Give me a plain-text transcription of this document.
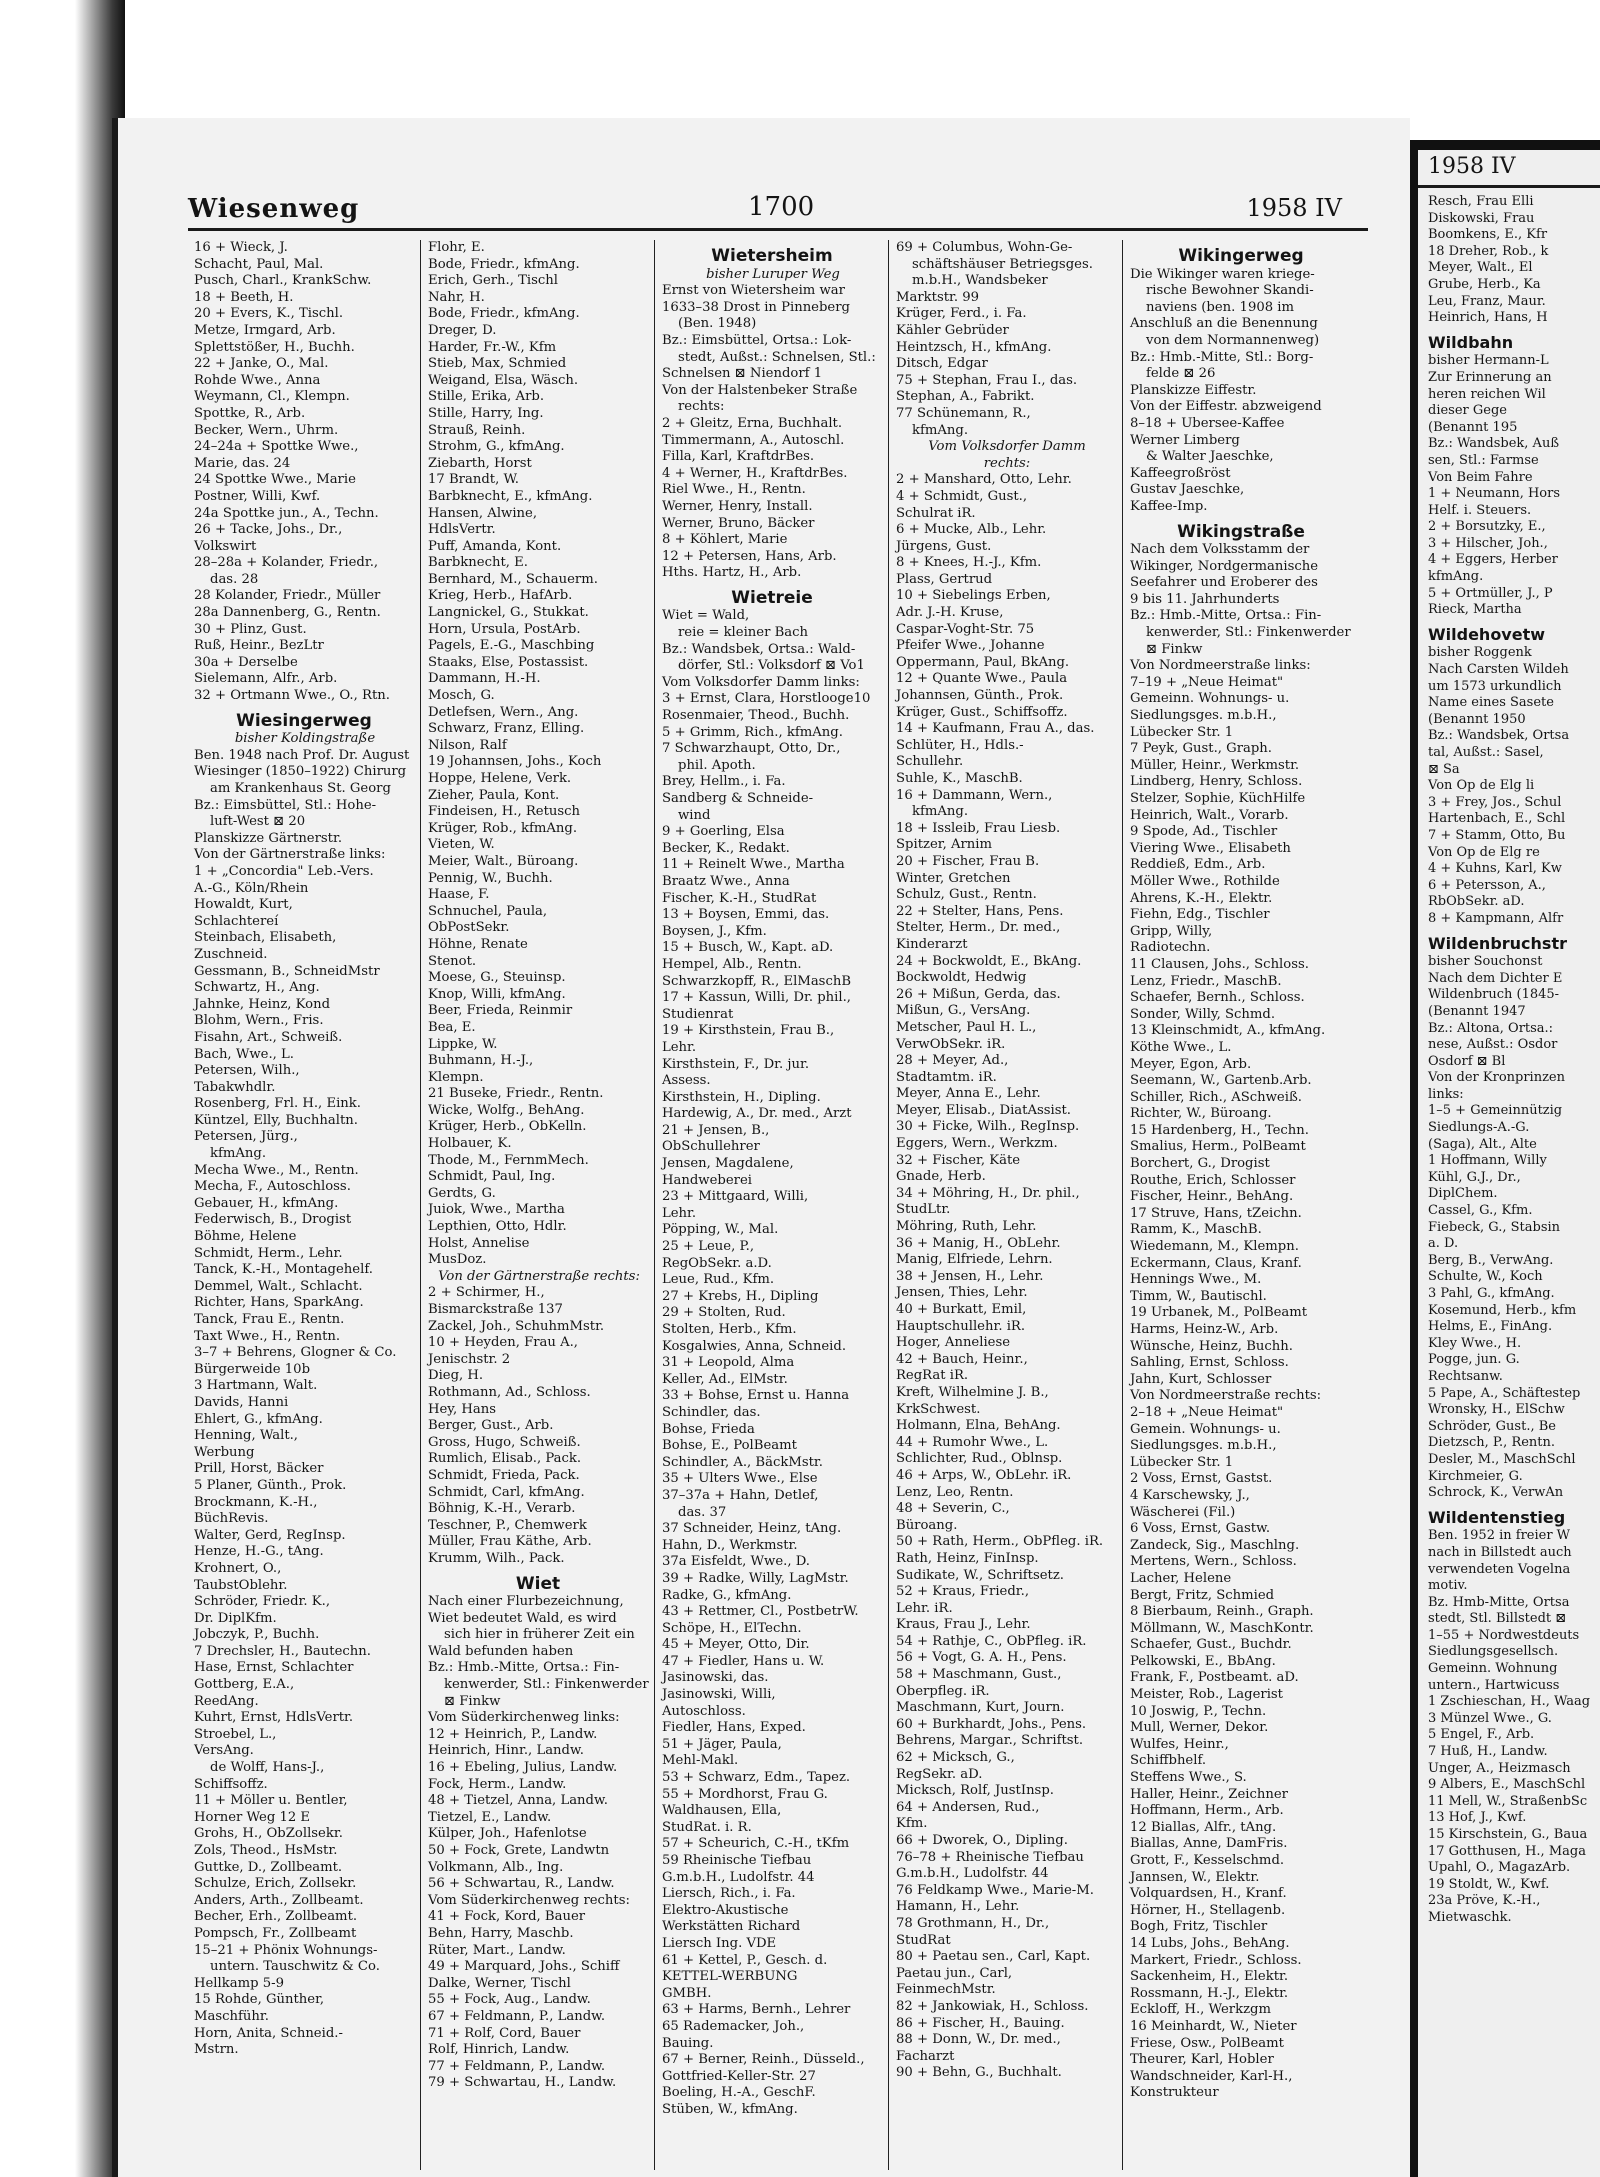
Wiesenweg	1700	1958 IV

16 + Wieck, J.

Schacht, Paul, Mal.

Pusch, Charl., KrankSchw.

18 + Beeth, H.

20 + Evers, K., Tischl.

Metze, Irmgard, Arb.

Splettstößer, H., Buchh.

22 + Janke, O., Mal.

Rohde Wwe., Anna

Weymann, Cl., Klempn.

Spottke, R., Arb.

Becker, Wern., Uhrm.

24–24a + Spottke Wwe.,

Marie, das. 24

24 Spottke Wwe., Marie

Postner, Willi, Kwf.

24a Spottke jun., A., Techn.

26 + Tacke, Johs., Dr.,

Volkswirt

28–28a + Kolander, Friedr.,

das. 28

28 Kolander, Friedr., Müller

28a Dannenberg, G., Rentn.

30 + Plinz, Gust.

Ruß, Heinr., BezLtr

30a + Derselbe

Sielemann, Alfr., Arb.

32 + Ortmann Wwe., O., Rtn.

Wiesingerweg

bisher Koldingstraße

Ben. 1948 nach Prof. Dr. August

Wiesinger (1850–1922) Chirurg

am Krankenhaus St. Georg

Bz.: Eimsbüttel, Stl.: Hohe-

luft-West ⊠ 20

Planskizze Gärtnerstr.

Von der Gärtnerstraße links:

1 + „Concordia" Leb.-Vers.

A.-G., Köln/Rhein

Howaldt, Kurt,

Schlachtereí

Steinbach, Elisabeth,

Zuschneid.

Gessmann, B., SchneidMstr

Schwartz, H., Ang.

Jahnke, Heinz, Kond

Blohm, Wern., Fris.

Fisahn, Art., Schweiß.

Bach, Wwe., L.

Petersen, Wilh.,

Tabakwhdlr.

Rosenberg, Frl. H., Eink.

Küntzel, Elly, Buchhaltn.

Petersen, Jürg.,

kfmAng.

Mecha Wwe., M., Rentn.

Mecha, F., Autoschloss.

Gebauer, H., kfmAng.

Federwisch, B., Drogist

Böhme, Helene

Schmidt, Herm., Lehr.

Tanck, K.-H., Montagehelf.

Demmel, Walt., Schlacht.

Richter, Hans, SparkAng.

Tanck, Frau E., Rentn.

Taxt Wwe., H., Rentn.

3–7 + Behrens, Glogner & Co.

Bürgerweide 10b

3 Hartmann, Walt.

Davids, Hanni

Ehlert, G., kfmAng.

Henning, Walt.,

Werbung

Prill, Horst, Bäcker

5 Planer, Günth., Prok.

Brockmann, K.-H.,

BüchRevis.

Walter, Gerd, RegInsp.

Henze, H.-G., tAng.

Krohnert, O.,

TaubstOblehr.

Schröder, Friedr. K.,

Dr. DiplKfm.

Jobczyk, P., Buchh.

7 Drechsler, H., Bautechn.

Hase, Ernst, Schlachter

Gottberg, E.A.,

ReedAng.

Kuhrt, Ernst, HdlsVertr.

Stroebel, L.,

VersAng.

de Wolff, Hans-J.,

Schiffsoffz.

11 + Möller u. Bentler,

Horner Weg 12 E

Grohs, H., ObZollsekr.

Zols, Theod., HsMstr.

Guttke, D., Zollbeamt.

Schulze, Erich, Zollsekr.

Anders, Arth., Zollbeamt.

Becher, Erh., Zollbeamt.

Pompsch, Fr., Zollbeamt

15–21 + Phönix Wohnungs-

untern. Tauschwitz & Co.

Hellkamp 5-9

15 Rohde, Günther,

Maschführ.

Horn, Anita, Schneid.-

Mstrn.

Flohr, E.

Bode, Friedr., kfmAng.

Erich, Gerh., Tischl

Nahr, H.

Bode, Friedr., kfmAng.

Dreger, D.

Harder, Fr.-W., Kfm

Stieb, Max, Schmied

Weigand, Elsa, Wäsch.

Stille, Erika, Arb.

Stille, Harry, Ing.

Strauß, Reinh.

Strohm, G., kfmAng.

Ziebarth, Horst

17 Brandt, W.

Barbknecht, E., kfmAng.

Hansen, Alwine,

HdlsVertr.

Puff, Amanda, Kont.

Barbknecht, E.

Bernhard, M., Schauerm.

Krieg, Herb., HafArb.

Langnickel, G., Stukkat.

Horn, Ursula, PostArb.

Pagels, E.-G., Maschbing

Staaks, Else, Postassist.

Dammann, H.-H.

Mosch, G.

Detlefsen, Wern., Ang.

Schwarz, Franz, Elling.

Nilson, Ralf

19 Johannsen, Johs., Koch

Hoppe, Helene, Verk.

Zieher, Paula, Kont.

Findeisen, H., Retusch

Krüger, Rob., kfmAng.

Vieten, W.

Meier, Walt., Büroang.

Pennig, W., Buchh.

Haase, F.

Schnuchel, Paula,

ObPostSekr.

Höhne, Renate

Stenot.

Moese, G., Steuinsp.

Knop, Willi, kfmAng.

Beer, Frieda, Reinmir

Bea, E.

Lippke, W.

Buhmann, H.-J.,

Klempn.

21 Buseke, Friedr., Rentn.

Wicke, Wolfg., BehAng.

Krüger, Herb., ObKelln.

Holbauer, K.

Thode, M., FernmMech.

Schmidt, Paul, Ing.

Gerdts, G.

Juiok, Wwe., Martha

Lepthien, Otto, Hdlr.

Holst, Annelise

MusDoz.

Von der Gärtnerstraße rechts:

2 + Schirmer, H.,

Bismarckstraße 137

Zackel, Joh., SchuhmMstr.

10 + Heyden, Frau A.,

Jenischstr. 2

Dieg, H.

Rothmann, Ad., Schloss.

Hey, Hans

Berger, Gust., Arb.

Gross, Hugo, Schweiß.

Rumlich, Elisab., Pack.

Schmidt, Frieda, Pack.

Schmidt, Carl, kfmAng.

Böhnig, K.-H., Verarb.

Teschner, P., Chemwerk

Müller, Frau Käthe, Arb.

Krumm, Wilh., Pack.

Wiet

Nach einer Flurbezeichnung,

Wiet bedeutet Wald, es wird

sich hier in früherer Zeit ein

Wald befunden haben

Bz.: Hmb.-Mitte, Ortsa.: Fin-

kenwerder, Stl.: Finkenwerder

⊠ Finkw

Vom Süderkirchenweg links:

12 + Heinrich, P., Landw.

Heinrich, Hinr., Landw.

16 + Ebeling, Julius, Landw.

Fock, Herm., Landw.

48 + Tietzel, Anna, Landw.

Tietzel, E., Landw.

Külper, Joh., Hafenlotse

50 + Fock, Grete, Landwtn

Volkmann, Alb., Ing.

56 + Schwartau, R., Landw.

Vom Süderkirchenweg rechts:

41 + Fock, Kord, Bauer

Behn, Harry, Maschb.

Rüter, Mart., Landw.

49 + Marquard, Johs., Schiff

Dalke, Werner, Tischl

55 + Fock, Aug., Landw.

67 + Feldmann, P., Landw.

71 + Rolf, Cord, Bauer

Rolf, Hinrich, Landw.

77 + Feldmann, P., Landw.

79 + Schwartau, H., Landw.

Wietersheim

bisher Luruper Weg

Ernst von Wietersheim war

1633–38 Drost in Pinneberg

(Ben. 1948)

Bz.: Eimsbüttel, Ortsa.: Lok-

stedt, Außst.: Schnelsen, Stl.:

Schnelsen ⊠ Niendorf 1

Von der Halstenbeker Straße

rechts:

2 + Gleitz, Erna, Buchhalt.

Timmermann, A., Autoschl.

Filla, Karl, KraftdrBes.

4 + Werner, H., KraftdrBes.

Riel Wwe., H., Rentn.

Werner, Henry, Install.

Werner, Bruno, Bäcker

8 + Köhlert, Marie

12 + Petersen, Hans, Arb.

Hths. Hartz, H., Arb.

Wietreie

Wiet = Wald,

reie = kleiner Bach

Bz.: Wandsbek, Ortsa.: Wald-

dörfer, Stl.: Volksdorf ⊠ Vo1

Vom Volksdorfer Damm links:

3 + Ernst, Clara, Horstlooge10

Rosenmaier, Theod., Buchh.

5 + Grimm, Rich., kfmAng.

7 Schwarzhaupt, Otto, Dr.,

phil. Apoth.

Brey, Hellm., i. Fa.

Sandberg & Schneide-

wind

9 + Goerling, Elsa

Becker, K., Redakt.

11 + Reinelt Wwe., Martha

Braatz Wwe., Anna

Fischer, K.-H., StudRat

13 + Boysen, Emmi, das.

Boysen, J., Kfm.

15 + Busch, W., Kapt. aD.

Hempel, Alb., Rentn.

Schwarzkopff, R., ElMaschB

17 + Kassun, Willi, Dr. phil.,

Studienrat

19 + Kirsthstein, Frau B.,

Lehr.

Kirsthstein, F., Dr. jur.

Assess.

Kirsthstein, H., Dipling.

Hardewig, A., Dr. med., Arzt

21 + Jensen, B.,

ObSchullehrer

Jensen, Magdalene,

Handweberei

23 + Mittgaard, Willi,

Lehr.

Pöpping, W., Mal.

25 + Leue, P.,

RegObSekr. a.D.

Leue, Rud., Kfm.

27 + Krebs, H., Dipling

29 + Stolten, Rud.

Stolten, Herb., Kfm.

Kosgalwies, Anna, Schneid.

31 + Leopold, Alma

Keller, Ad., ElMstr.

33 + Bohse, Ernst u. Hanna

Schindler, das.

Bohse, Frieda

Bohse, E., PolBeamt

Schindler, A., BäckMstr.

35 + Ulters Wwe., Else

37–37a + Hahn, Detlef,

das. 37

37 Schneider, Heinz, tAng.

Hahn, D., Werkmstr.

37a Eisfeldt, Wwe., D.

39 + Radke, Willy, LagMstr.

Radke, G., kfmAng.

43 + Rettmer, Cl., PostbetrW.

Schöpe, H., ElTechn.

45 + Meyer, Otto, Dir.

47 + Fiedler, Hans u. W.

Jasinowski, das.

Jasinowski, Willi,

Autoschloss.

Fiedler, Hans, Exped.

51 + Jäger, Paula,

Mehl-Makl.

53 + Schwarz, Edm., Tapez.

55 + Mordhorst, Frau G.

Waldhausen, Ella,

StudRat. i. R.

57 + Scheurich, C.-H., tKfm

59 Rheinische Tiefbau

G.m.b.H., Ludolfstr. 44

Liersch, Rich., i. Fa.

Elektro-Akustische

Werkstätten Richard

Liersch Ing. VDE

61 + Kettel, P., Gesch. d.

KETTEL-WERBUNG

GMBH.

63 + Harms, Bernh., Lehrer

65 Rademacker, Joh.,

Bauing.

67 + Berner, Reinh., Düsseld.,

Gottfried-Keller-Str. 27

Boeling, H.-A., GeschF.

Stüben, W., kfmAng.

69 + Columbus, Wohn-Ge-

schäftshäuser Betriegsges.

m.b.H., Wandsbeker

Marktstr. 99

Krüger, Ferd., i. Fa.

Kähler Gebrüder

Heintzsch, H., kfmAng.

Ditsch, Edgar

75 + Stephan, Frau I., das.

Stephan, A., Fabrikt.

77 Schünemann, R.,

kfmAng.

Vom Volksdorfer Damm

rechts:

2 + Manshard, Otto, Lehr.

4 + Schmidt, Gust.,

Schulrat iR.

6 + Mucke, Alb., Lehr.

Jürgens, Gust.

8 + Knees, H.-J., Kfm.

Plass, Gertrud

10 + Siebelings Erben,

Adr. J.-H. Kruse,

Caspar-Voght-Str. 75

Pfeifer Wwe., Johanne

Oppermann, Paul, BkAng.

12 + Quante Wwe., Paula

Johannsen, Günth., Prok.

Krüger, Gust., Schiffsoffz.

14 + Kaufmann, Frau A., das.

Schlüter, H., Hdls.-

Schullehr.

Suhle, K., MaschB.

16 + Dammann, Wern.,

kfmAng.

18 + Issleib, Frau Liesb.

Spitzer, Arnim

20 + Fischer, Frau B.

Winter, Gretchen

Schulz, Gust., Rentn.

22 + Stelter, Hans, Pens.

Stelter, Herm., Dr. med.,

Kinderarzt

24 + Bockwoldt, E., BkAng.

Bockwoldt, Hedwig

26 + Mißun, Gerda, das.

Mißun, G., VersAng.

Metscher, Paul H. L.,

VerwObSekr. iR.

28 + Meyer, Ad.,

Stadtamtm. iR.

Meyer, Anna E., Lehr.

Meyer, Elisab., DiatAssist.

30 + Ficke, Wilh., RegInsp.

Eggers, Wern., Werkzm.

32 + Fischer, Käte

Gnade, Herb.

34 + Möhring, H., Dr. phil.,

StudLtr.

Möhring, Ruth, Lehr.

36 + Manig, H., ObLehr.

Manig, Elfriede, Lehrn.

38 + Jensen, H., Lehr.

Jensen, Thies, Lehr.

40 + Burkatt, Emil,

Hauptschullehr. iR.

Hoger, Anneliese

42 + Bauch, Heinr.,

RegRat iR.

Kreft, Wilhelmine J. B.,

KrkSchwest.

Holmann, Elna, BehAng.

44 + Rumohr Wwe., L.

Schlichter, Rud., Oblnsp.

46 + Arps, W., ObLehr. iR.

Lenz, Leo, Rentn.

48 + Severin, C.,

Büroang.

50 + Rath, Herm., ObPfleg. iR.

Rath, Heinz, FinInsp.

Sudikate, W., Schriftsetz.

52 + Kraus, Friedr.,

Lehr. iR.

Kraus, Frau J., Lehr.

54 + Rathje, C., ObPfleg. iR.

56 + Vogt, G. A. H., Pens.

58 + Maschmann, Gust.,

Oberpfleg. iR.

Maschmann, Kurt, Journ.

60 + Burkhardt, Johs., Pens.

Behrens, Margar., Schriftst.

62 + Micksch, G.,

RegSekr. aD.

Micksch, Rolf, JustInsp.

64 + Andersen, Rud.,

Kfm.

66 + Dworek, O., Dipling.

76–78 + Rheinische Tiefbau

G.m.b.H., Ludolfstr. 44

76 Feldkamp Wwe., Marie-M.

Hamann, H., Lehr.

78 Grothmann, H., Dr.,

StudRat

80 + Paetau sen., Carl, Kapt.

Paetau jun., Carl,

FeinmechMstr.

82 + Jankowiak, H., Schloss.

86 + Fischer, H., Bauing.

88 + Donn, W., Dr. med.,

Facharzt

90 + Behn, G., Buchhalt.

Wikingerweg

Die Wikinger waren kriege-

rische Bewohner Skandi-

naviens (ben. 1908 im

Anschluß an die Benennung

von dem Normannenweg)

Bz.: Hmb.-Mitte, Stl.: Borg-

felde ⊠ 26

Planskizze Eiffestr.

Von der Eiffestr. abzweigend

8–18 + Ubersee-Kaffee

Werner Limberg

& Walter Jaeschke,

Kaffeegroßröst

Gustav Jaeschke,

Kaffee-Imp.

Wikingstraße

Nach dem Volksstamm der

Wikinger, Nordgermanische

Seefahrer und Eroberer des

9 bis 11. Jahrhunderts

Bz.: Hmb.-Mitte, Ortsa.: Fin-

kenwerder, Stl.: Finkenwerder

⊠ Finkw

Von Nordmeerstraße links:

7–19 + „Neue Heimat"

Gemeinn. Wohnungs- u.

Siedlungsges. m.b.H.,

Lübecker Str. 1

7 Peyk, Gust., Graph.

Müller, Heinr., Werkmstr.

Lindberg, Henry, Schloss.

Stelzer, Sophie, KüchHilfe

Heinrich, Walt., Vorarb.

9 Spode, Ad., Tischler

Viering Wwe., Elisabeth

Reddieß, Edm., Arb.

Möller Wwe., Rothilde

Ahrens, K.-H., Elektr.

Fiehn, Edg., Tischler

Gripp, Willy,

Radiotechn.

11 Clausen, Johs., Schloss.

Lenz, Friedr., MaschB.

Schaefer, Bernh., Schloss.

Sonder, Willy, Schmd.

13 Kleinschmidt, A., kfmAng.

Köthe Wwe., L.

Meyer, Egon, Arb.

Seemann, W., Gartenb.Arb.

Schiller, Rich., ASchweiß.

Richter, W., Büroang.

15 Hardenberg, H., Techn.

Smalius, Herm., PolBeamt

Borchert, G., Drogist

Routhe, Erich, Schlosser

Fischer, Heinr., BehAng.

17 Struve, Hans, tZeichn.

Ramm, K., MaschB.

Wiedemann, M., Klempn.

Eckermann, Claus, Kranf.

Hennings Wwe., M.

Timm, W., Bautischl.

19 Urbanek, M., PolBeamt

Harms, Heinz-W., Arb.

Wünsche, Heinz, Buchh.

Sahling, Ernst, Schloss.

Jahn, Kurt, Schlosser

Von Nordmeerstraße rechts:

2–18 + „Neue Heimat"

Gemein. Wohnungs- u.

Siedlungsges. m.b.H.,

Lübecker Str. 1

2 Voss, Ernst, Gastst.

4 Karschewsky, J.,

Wäscherei (Fil.)

6 Voss, Ernst, Gastw.

Zandeck, Sig., Maschlng.

Mertens, Wern., Schloss.

Lacher, Helene

Bergt, Fritz, Schmied

8 Bierbaum, Reinh., Graph.

Möllmann, W., MaschKontr.

Schaefer, Gust., Buchdr.

Pelkowski, E., BbAng.

Frank, F., Postbeamt. aD.

Meister, Rob., Lagerist

10 Joswig, P., Techn.

Mull, Werner, Dekor.

Wulfes, Heinr.,

Schiffbhelf.

Steffens Wwe., S.

Haller, Heinr., Zeichner

Hoffmann, Herm., Arb.

12 Biallas, Alfr., tAng.

Biallas, Anne, DamFris.

Grott, F., Kesselschmd.

Jannsen, W., Elektr.

Volquardsen, H., Kranf.

Hörner, H., Stellagenb.

Bogh, Fritz, Tischler

14 Lubs, Johs., BehAng.

Markert, Friedr., Schloss.

Sackenheim, H., Elektr.

Rossmann, H.-J., Elektr.

Eckloff, H., Werkzgm

16 Meinhardt, W., Nieter

Friese, Osw., PolBeamt

Theurer, Karl, Hobler

Wandschneider, Karl-H.,

Konstrukteur

1958 IV
Resch, Frau Elli
Diskowski, Frau
Boomkens, E., Kfr
18 Dreher, Rob., k
Meyer, Walt., El
Grube, Herb., Ka
Leu, Franz, Maur.
Heinrich, Hans, H
Wildbahn
bisher Hermann-L
Zur Erinnerung an
heren reichen Wil
dieser Gege
(Benannt 195
Bz.: Wandsbek, Auß
sen, Stl.: Farmse
Von Beim Fahre
1 + Neumann, Hors
Helf. i. Steuers.
2 + Borsutzky, E.,
3 + Hilscher, Joh.,
4 + Eggers, Herber
kfmAng.
5 + Ortmüller, J., P
Rieck, Martha
Wildehovetw
bisher Roggenk
Nach Carsten Wildeh
um 1573 urkundlich
Name eines Sasete
(Benannt 1950
Bz.: Wandsbek, Ortsa
tal, Außst.: Sasel,
⊠ Sa
Von Op de Elg li
3 + Frey, Jos., Schul
Hartenbach, E., Schl
7 + Stamm, Otto, Bu
Von Op de Elg re
4 + Kuhns, Karl, Kw
6 + Petersson, A.,
RbObSekr. aD.
8 + Kampmann, Alfr
Wildenbruchstr
bisher Souchonst
Nach dem Dichter E
Wildenbruch (1845-
(Benannt 1947
Bz.: Altona, Ortsa.:
nese, Außst.: Osdor
Osdorf ⊠ Bl
Von der Kronprinzen
links:
1–5 + Gemeinnützig
Siedlungs-A.-G.
(Saga), Alt., Alte
1 Hoffmann, Willy
Kühl, G.J., Dr.,
DiplChem.
Cassel, G., Kfm.
Fiebeck, G., Stabsin
a. D.
Berg, B., VerwAng.
Schulte, W., Koch
3 Pahl, G., kfmAng.
Kosemund, Herb., kfm
Helms, E., FinAng.
Kley Wwe., H.
Pogge, jun. G.
Rechtsanw.
5 Pape, A., Schäftestep
Wronsky, H., ElSchw
Schröder, Gust., Be
Dietzsch, P., Rentn.
Desler, M., MaschSchl
Kirchmeier, G.
Schrock, K., VerwAn
Wildentenstieg
Ben. 1952 in freier W
nach in Billstedt auch
verwendeten Vogelna
motiv.
Bz. Hmb-Mitte, Ortsa
stedt, Stl. Billstedt ⊠
1–55 + Nordwestdeuts
Siedlungsgesellsch.
Gemeinn. Wohnung
untern., Hartwicuss
1 Zschieschan, H., Waag
3 Münzel Wwe., G.
5 Engel, F., Arb.
7 Huß, H., Landw.
Unger, A., Heizmasch
9 Albers, E., MaschSchl
11 Mell, W., StraßenbSc
13 Hof, J., Kwf.
15 Kirschstein, G., Baua
17 Gotthusen, H., Maga
Upahl, O., MagazArb.
19 Stoldt, W., Kwf.
23a Pröve, K.-H.,
Mietwaschk.
